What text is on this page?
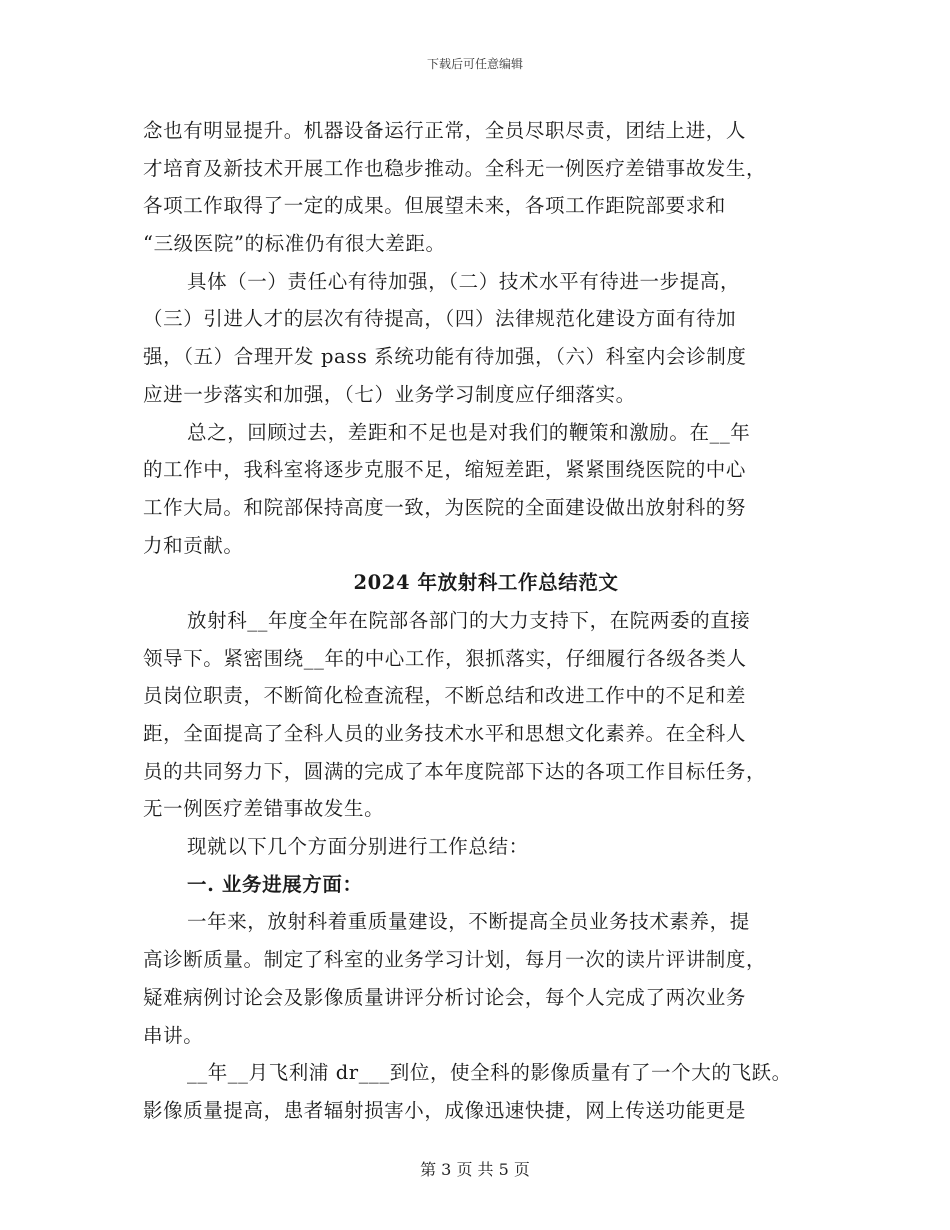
下载后可任意编辑
念也有明显提升。机器设备运行正常，全员尽职尽责，团结上进，人
才培育及新技术开展工作也稳步推动。全科无一例医疗差错事故发生，
各项工作取得了一定的成果。但展望未来，各项工作距院部要求和
“三级医院”的标准仍有很大差距。
具体（一）责任心有待加强，（二）技术水平有待进一步提高，
（三）引进人才的层次有待提高，（四）法律规范化建设方面有待加
强，（五）合理开发 pass 系统功能有待加强，（六）科室内会诊制度
应进一步落实和加强，（七）业务学习制度应仔细落实。
总之，回顾过去，差距和不足也是对我们的鞭策和激励。在__年
的工作中，我科室将逐步克服不足，缩短差距，紧紧围绕医院的中心
工作大局。和院部保持高度一致，为医院的全面建设做出放射科的努
力和贡献。
2024 年放射科工作总结范文
放射科__年度全年在院部各部门的大力支持下，在院两委的直接
领导下。紧密围绕__年的中心工作，狠抓落实，仔细履行各级各类人
员岗位职责，不断简化检查流程，不断总结和改进工作中的不足和差
距，全面提高了全科人员的业务技术水平和思想文化素养。在全科人
员的共同努力下，圆满的完成了本年度院部下达的各项工作目标任务，
无一例医疗差错事故发生。
现就以下几个方面分别进行工作总结：
一. 业务进展方面：
一年来，放射科着重质量建设，不断提高全员业务技术素养，提
高诊断质量。制定了科室的业务学习计划，每月一次的读片评讲制度，
疑难病例讨论会及影像质量讲评分析讨论会，每个人完成了两次业务
串讲。
__年__月飞利浦 dr___到位，使全科的影像质量有了一个大的飞跃。
影像质量提高，患者辐射损害小，成像迅速快捷，网上传送功能更是
第 3 页 共 5 页
